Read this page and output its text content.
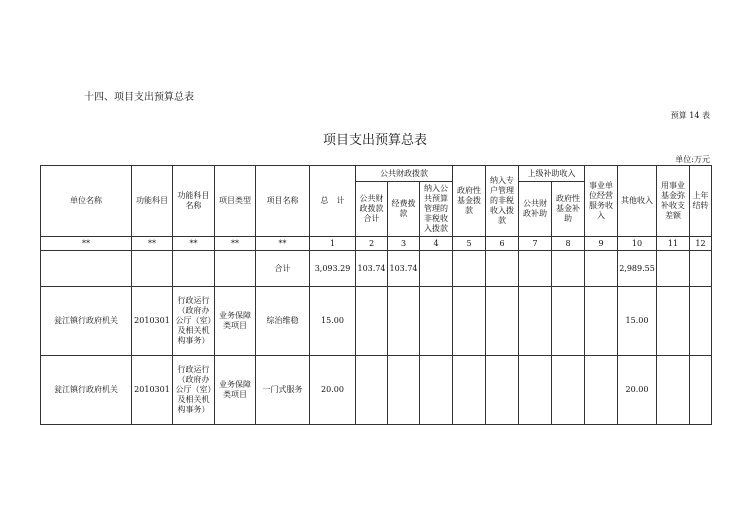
十四、项目支出预算总表
预算 14 表
项目支出预算总表
单位:万元
单位名称	功能科目	功能科目名称	项目类型	项目名称	总　计	公共财政拨款			政府性基金拨款	纳入专户管理的非税收入拨款	上级补助收入		事业单位经营服务收入	其他收入	用事业基金弥补收支差额	上年结转
						公共财政拨款合计	经费拨款	纳入公共预算管理的非税收入拨款			公共财政补助	政府性基金补助				
**	**	**	**	**	1	2	3	4	5	6	7	8	9	10	11	12
				合计	3,093.29	103.74	103.74							2,989.55		
瓮江镇行政府机关	2010301	行政运行（政府办公厅（室）及相关机构事务）	业务保障类项目	综治维稳	15.00									15.00		
瓮江镇行政府机关	2010301	行政运行（政府办公厅（室）及相关机构事务）	业务保障类项目	一门式服务	20.00									20.00		
